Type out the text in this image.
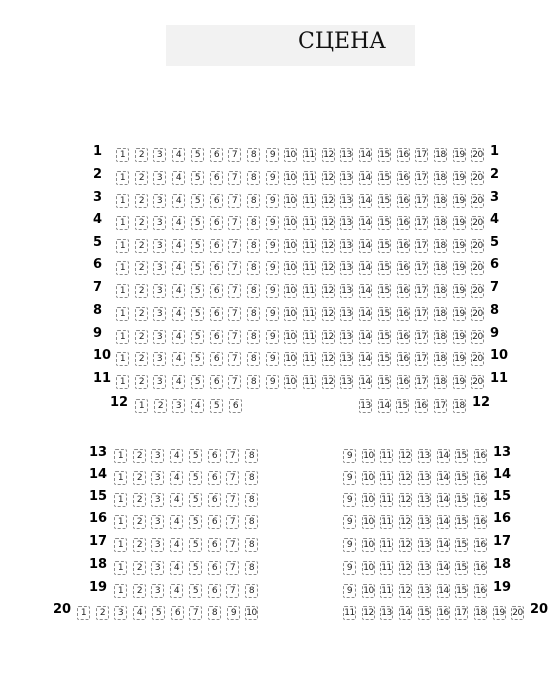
СЦЕНА
1	1	2	3	4	5	6	7	8	9	10 11 12 13 14 15 16 17 18 19 20 1
2	1	2	3	4	5	6	7	8	9	10 11 12 13 14 15 16 17 18 19 20 2
3	1	2	3	4	5	6	7	8	9	10 11 12 13 14 15 16 17 18 19 20 3
4	1	2	3	4	5	6	7	8	9	10 11 12 13 14 15 16 17 18 19 20 4
5	1	2	3	4	5	6	7	8	9	10 11 12 13 14 15 16 17 18 19 20 5
6	1	2	3	4	5	6	7	8	9	10 11 12 13 14 15 16 17 18 19 20 6
7	1	2	3	4	5	6	7	8	9	10 11 12 13 14 15 16 17 18 19 20 7
8	1	2	3	4	5	6	7	8	9	10 11 12 13 14 15 16 17 18 19 20 8
9	1	2	3	4	5	6	7	8	9	10 11 12 13 14 15 16 17 18 19 20 9
10 1	2	3	4	5	6	7	8	9	10 11 12 13 14 15 16 17 18 19 20 10
11 1	2	3	4	5	6	7	8	9	10 11 12 13 14 15 16 17 18 19 20 11
12	1	2	3	4	5	6	13 14 15 16 17 18 12
13	1	2	3	4	5	6	7	8	9	10 11 12 13 14 15 16 13
14	1	2	3	4	5	6	7	8	9	10 11 12 13 14 15 16 14
15	1	2	3	4	5	6	7	8	9	10 11 12 13 14 15 16 15
16	1	2	3	4	5	6	7	8	9	10 11 12 13 14 15 16 16
17	1	2	3	4	5	6	7	8	9	10 11 12 13 14 15 16 17
18	1	2	3	4	5	6	7	8	9	10 11 12 13 14 15 16 18
19	1	2	3	4	5	6	7	8	9	10 11 12 13 14 15 16 19
20	1	2	3	4	5	6	7	8	9	10	11 12 13 14 15 16 17 18 19 20 20
